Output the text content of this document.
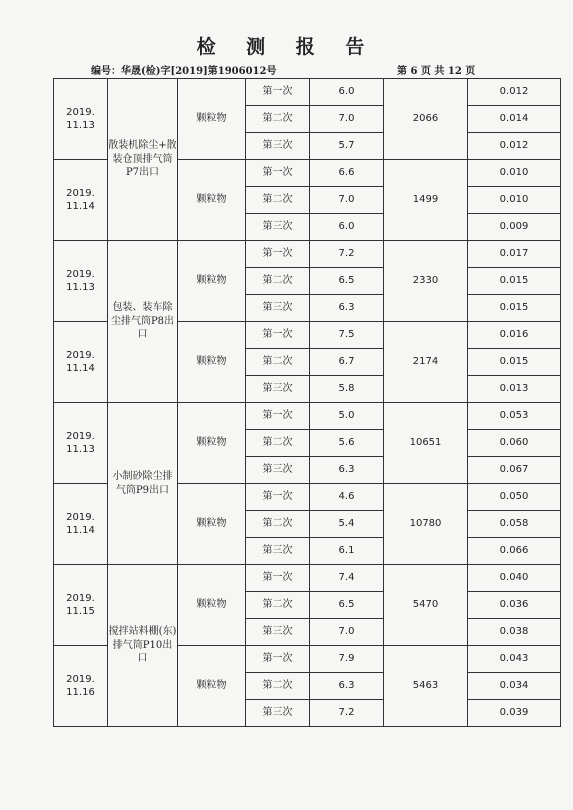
检 测 报 告
编号：华晟(检)字[2019]第1906012号	第 6 页 共 12 页
2019.
11.13	散装机除尘+散装仓顶排气筒P7出口	颗粒物	第一次	6.0	2066	0.012
			第二次	7.0		0.014
			第三次	5.7		0.012
2019.
11.14		颗粒物	第一次	6.6	1499	0.010
			第二次	7.0		0.010
			第三次	6.0		0.009
2019.
11.13	包装、装车除尘排气筒P8出口	颗粒物	第一次	7.2	2330	0.017
			第二次	6.5		0.015
			第三次	6.3		0.015
2019.
11.14		颗粒物	第一次	7.5	2174	0.016
			第二次	6.7		0.015
			第三次	5.8		0.013
2019.
11.13	小制砂除尘排气筒P9出口	颗粒物	第一次	5.0	10651	0.053
			第二次	5.6		0.060
			第三次	6.3		0.067
2019.
11.14		颗粒物	第一次	4.6	10780	0.050
			第二次	5.4		0.058
			第三次	6.1		0.066
2019.
11.15	搅拌站料棚(东)排气筒P10出口	颗粒物	第一次	7.4	5470	0.040
			第二次	6.5		0.036
			第三次	7.0		0.038
2019.
11.16		颗粒物	第一次	7.9	5463	0.043
			第二次	6.3		0.034
			第三次	7.2		0.039
